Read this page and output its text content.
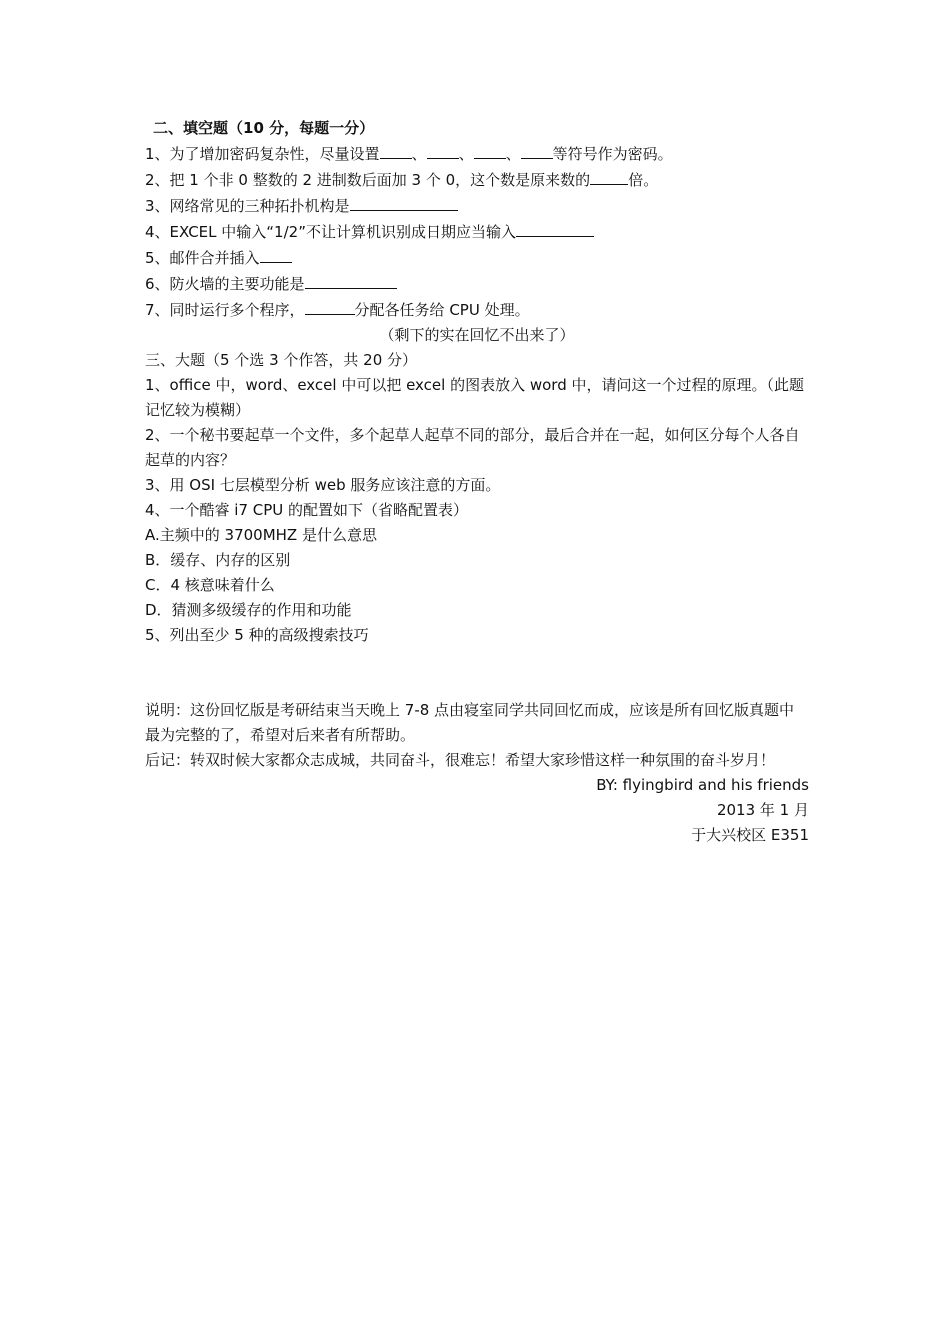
二、填空题（10 分，每题一分）
1、为了增加密码复杂性，尽量设置 、 、 、 等符号作为密码。
2、把 1 个非 0 整数的 2 进制数后面加 3 个 0，这个数是原来数的	倍。
3、网络常见的三种拓扑机构是
4、EXCEL 中输入“1/2”不让计算机识别成日期应当输入
5、邮件合并插入
6、防火墙的主要功能是
7、同时运行多个程序，	分配各任务给 CPU 处理。
（剩下的实在回忆不出来了）
三、大题（5 个选 3 个作答，共 20 分）
1、office 中，word、excel 中可以把 excel 的图表放入 word 中，请问这一个过程的原理。（此题记忆较为模糊）
2、一个秘书要起草一个文件，多个起草人起草不同的部分，最后合并在一起，如何区分每个人各自起草的内容？
3、用 OSI 七层模型分析 web 服务应该注意的方面。
4、一个酷睿 i7 CPU 的配置如下（省略配置表）
A.主频中的 3700MHZ 是什么意思
B．缓存、内存的区别
C．4 核意味着什么
D．猜测多级缓存的作用和功能
5、列出至少 5 种的高级搜索技巧
说明：这份回忆版是考研结束当天晚上 7-8 点由寝室同学共同回忆而成，应该是所有回忆版真题中最为完整的了，希望对后来者有所帮助。
后记：转双时候大家都众志成城，共同奋斗，很难忘！希望大家珍惜这样一种氛围的奋斗岁月！
BY: flyingbird and his friends
2013 年 1 月
于大兴校区 E351
